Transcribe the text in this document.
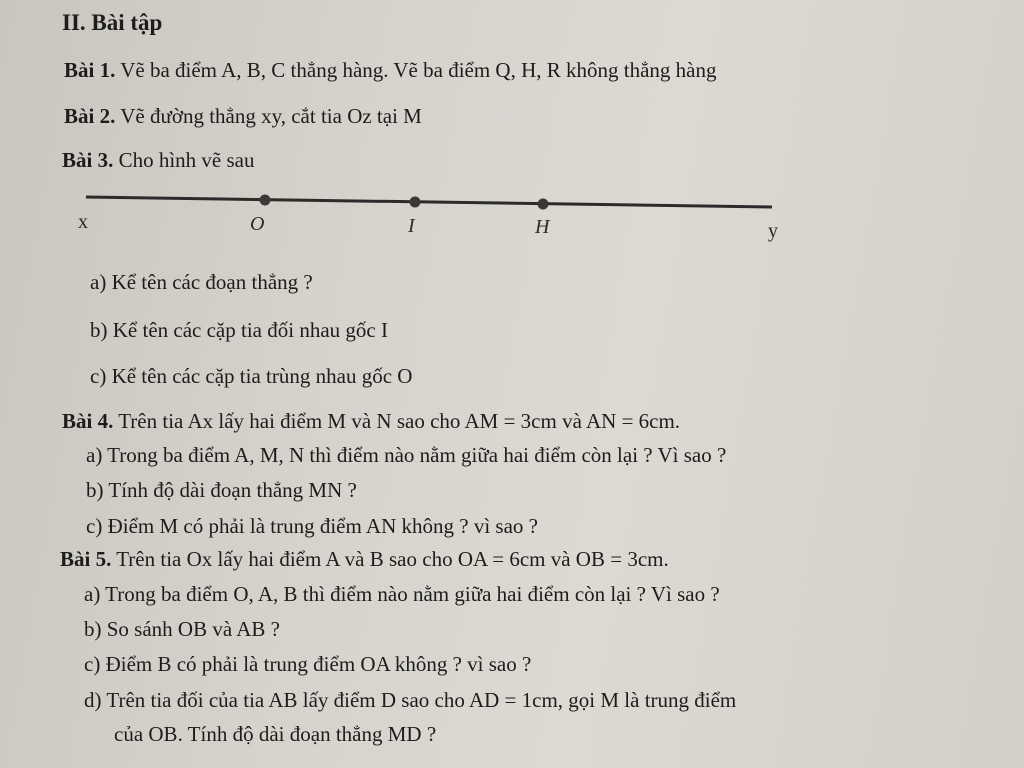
II. Bài tập
Bài 1. Vẽ ba điểm A, B, C thẳng hàng. Vẽ ba điểm Q, H, R không thẳng hàng
Bài 2. Vẽ đường thẳng xy, cắt tia Oz tại M
Bài 3. Cho hình vẽ sau
x	O	I	H	y
a) Kể tên các đoạn thẳng ?
b) Kể tên các cặp tia đối nhau gốc I
c) Kể tên các cặp tia trùng nhau gốc O
Bài 4. Trên tia Ax lấy hai điểm M và N sao cho AM = 3cm và AN = 6cm.
a) Trong ba điểm A, M, N thì điểm nào nằm giữa hai điểm còn lại ? Vì sao ?
b) Tính độ dài đoạn thẳng MN ?
c) Điểm M có phải là trung điểm AN không ? vì sao ?
Bài 5. Trên tia Ox lấy hai điểm A và B sao cho OA = 6cm và OB = 3cm.
a) Trong ba điểm O, A, B thì điểm nào nằm giữa hai điểm còn lại ? Vì sao ?
b) So sánh OB và AB ?
c) Điểm B có phải là trung điểm OA không ? vì sao ?
d) Trên tia đối của tia AB lấy điểm D sao cho AD = 1cm, gọi M là trung điểm
của OB. Tính độ dài đoạn thẳng MD ?
